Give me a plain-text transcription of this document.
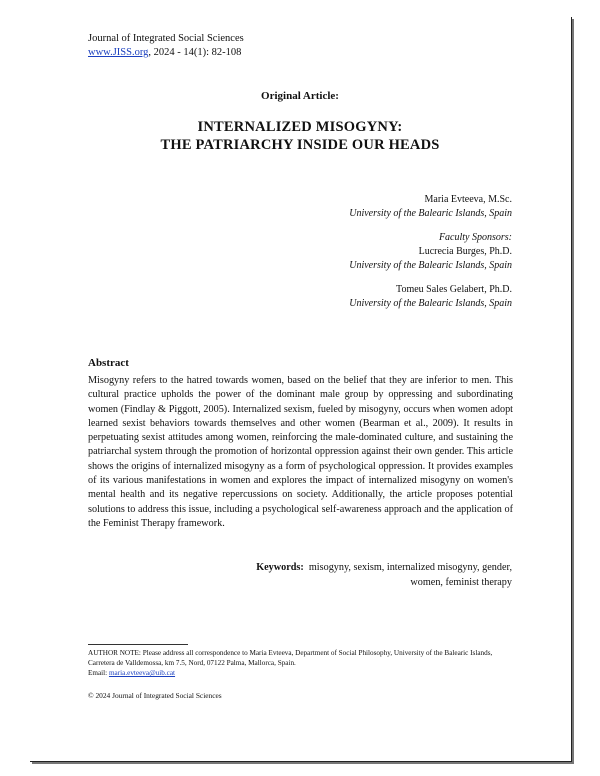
Journal of Integrated Social Sciences
www.JISS.org, 2024 - 14(1): 82-108
Original Article:
INTERNALIZED MISOGYNY:
THE PATRIARCHY INSIDE OUR HEADS
Maria Evteeva, M.Sc.
University of the Balearic Islands, Spain
Faculty Sponsors:
Lucrecia Burges, Ph.D.
University of the Balearic Islands, Spain
Tomeu Sales Gelabert, Ph.D.
University of the Balearic Islands, Spain
Abstract
Misogyny refers to the hatred towards women, based on the belief that they are inferior to men. This cultural practice upholds the power of the dominant male group by oppressing and subordinating women (Findlay & Piggott, 2005). Internalized sexism, fueled by misogyny, occurs when women adopt learned sexist behaviors towards themselves and other women (Bearman et al., 2009). It results in perpetuating sexist attitudes among women, reinforcing the male-dominated culture, and sustaining the patriarchal system through the promotion of horizontal oppression against their own gender. This article shows the origins of internalized misogyny as a form of psychological oppression. It provides examples of its various manifestations in women and explores the impact of internalized misogyny on women's mental health and its negative repercussions on society. Additionally, the article proposes potential solutions to address this issue, including a psychological self-awareness approach and the application of the Feminist Therapy framework.
Keywords: misogyny, sexism, internalized misogyny, gender,
women, feminist therapy
AUTHOR NOTE: Please address all correspondence to Maria Evteeva, Department of Social Philosophy, University of the Balearic Islands, Carretera de Valldemossa, km 7.5, Nord, 07122 Palma, Mallorca, Spain.
Email: maria.evteeva@uib.cat
© 2024 Journal of Integrated Social Sciences
